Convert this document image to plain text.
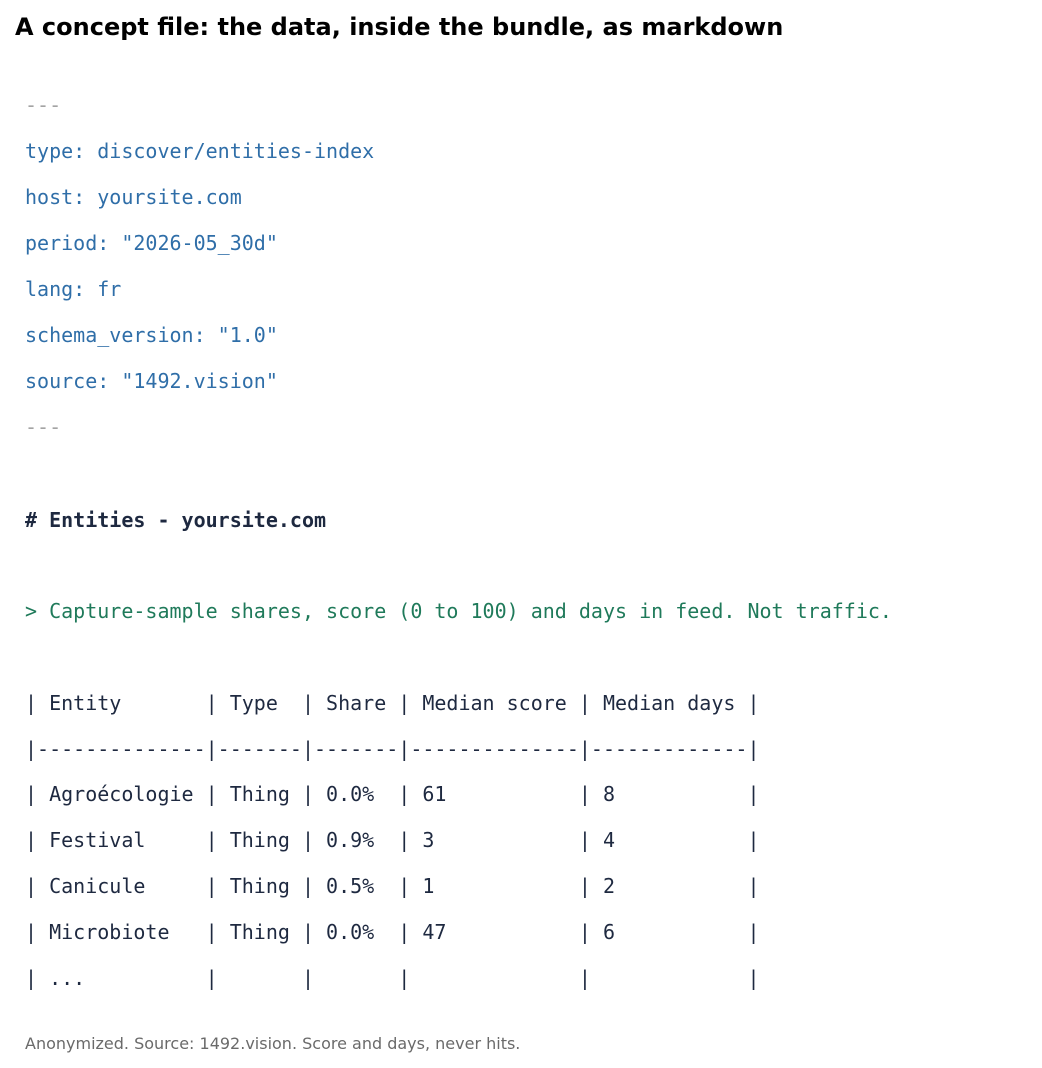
A concept file: the data, inside the bundle, as markdown
---
type: discover/entities-index
host: yoursite.com
period: "2026-05_30d"
lang: fr
schema_version: "1.0"
source: "1492.vision"
---
# Entities - yoursite.com
> Capture-sample shares, score (0 to 100) and days in feed. Not traffic.
| Entity       | Type  | Share | Median score | Median days |
|--------------|-------|-------|--------------|-------------|
| Agroécologie | Thing | 0.0%  | 61           | 8           |
| Festival     | Thing | 0.9%  | 3            | 4           |
| Canicule     | Thing | 0.5%  | 1            | 2           |
| Microbiote   | Thing | 0.0%  | 47           | 6           |
| ...          |       |       |              |             |

Anonymized. Source: 1492.vision. Score and days, never hits.
